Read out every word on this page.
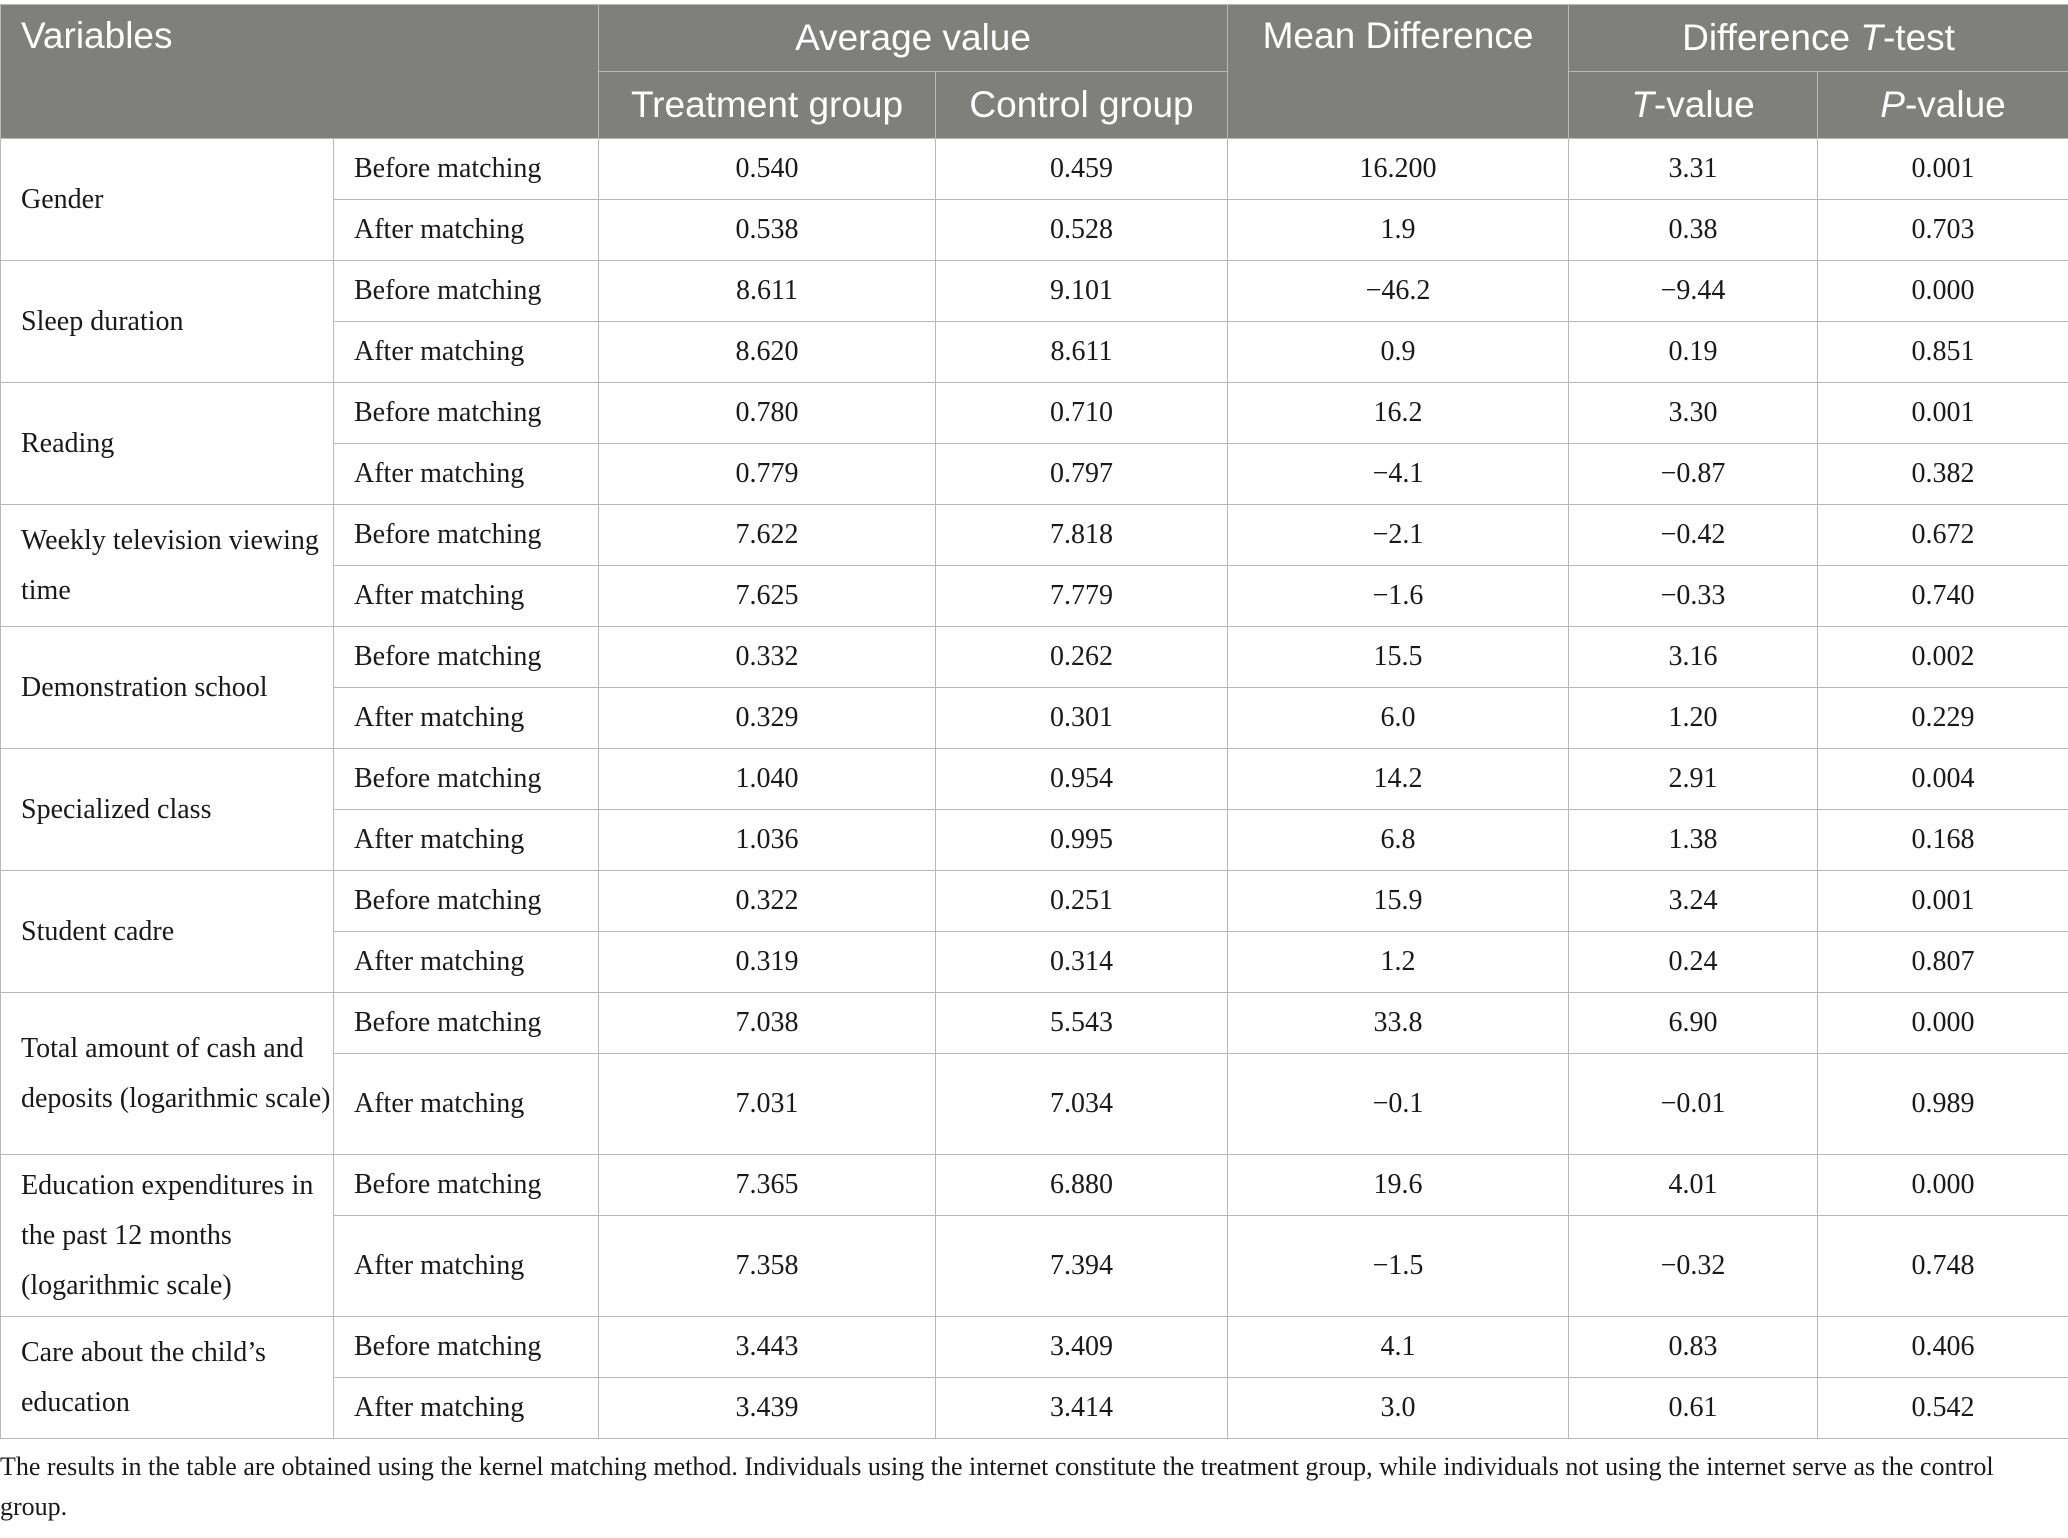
Variables		Average value		Mean Difference	Difference T-test	
		Treatment group	Control group		T-value	P-value
Gender	Before matching	0.540	0.459	16.200	3.31	0.001
	After matching	0.538	0.528	1.9	0.38	0.703
Sleep duration	Before matching	8.611	9.101	−46.2	−9.44	0.000
	After matching	8.620	8.611	0.9	0.19	0.851
Reading	Before matching	0.780	0.710	16.2	3.30	0.001
	After matching	0.779	0.797	−4.1	−0.87	0.382
Weekly television viewing time	Before matching	7.622	7.818	−2.1	−0.42	0.672
	After matching	7.625	7.779	−1.6	−0.33	0.740
Demonstration school	Before matching	0.332	0.262	15.5	3.16	0.002
	After matching	0.329	0.301	6.0	1.20	0.229
Specialized class	Before matching	1.040	0.954	14.2	2.91	0.004
	After matching	1.036	0.995	6.8	1.38	0.168
Student cadre	Before matching	0.322	0.251	15.9	3.24	0.001
	After matching	0.319	0.314	1.2	0.24	0.807
Total amount of cash and deposits (logarithmic scale)	Before matching	7.038	5.543	33.8	6.90	0.000
	After matching	7.031	7.034	−0.1	−0.01	0.989
Education expenditures in the past 12 months (logarithmic scale)	Before matching	7.365	6.880	19.6	4.01	0.000
	After matching	7.358	7.394	−1.5	−0.32	0.748
Care about the child’s education	Before matching	3.443	3.409	4.1	0.83	0.406
	After matching	3.439	3.414	3.0	0.61	0.542

The results in the table are obtained using the kernel matching method. Individuals using the internet constitute the treatment group, while individuals not using the internet serve as the control group.
